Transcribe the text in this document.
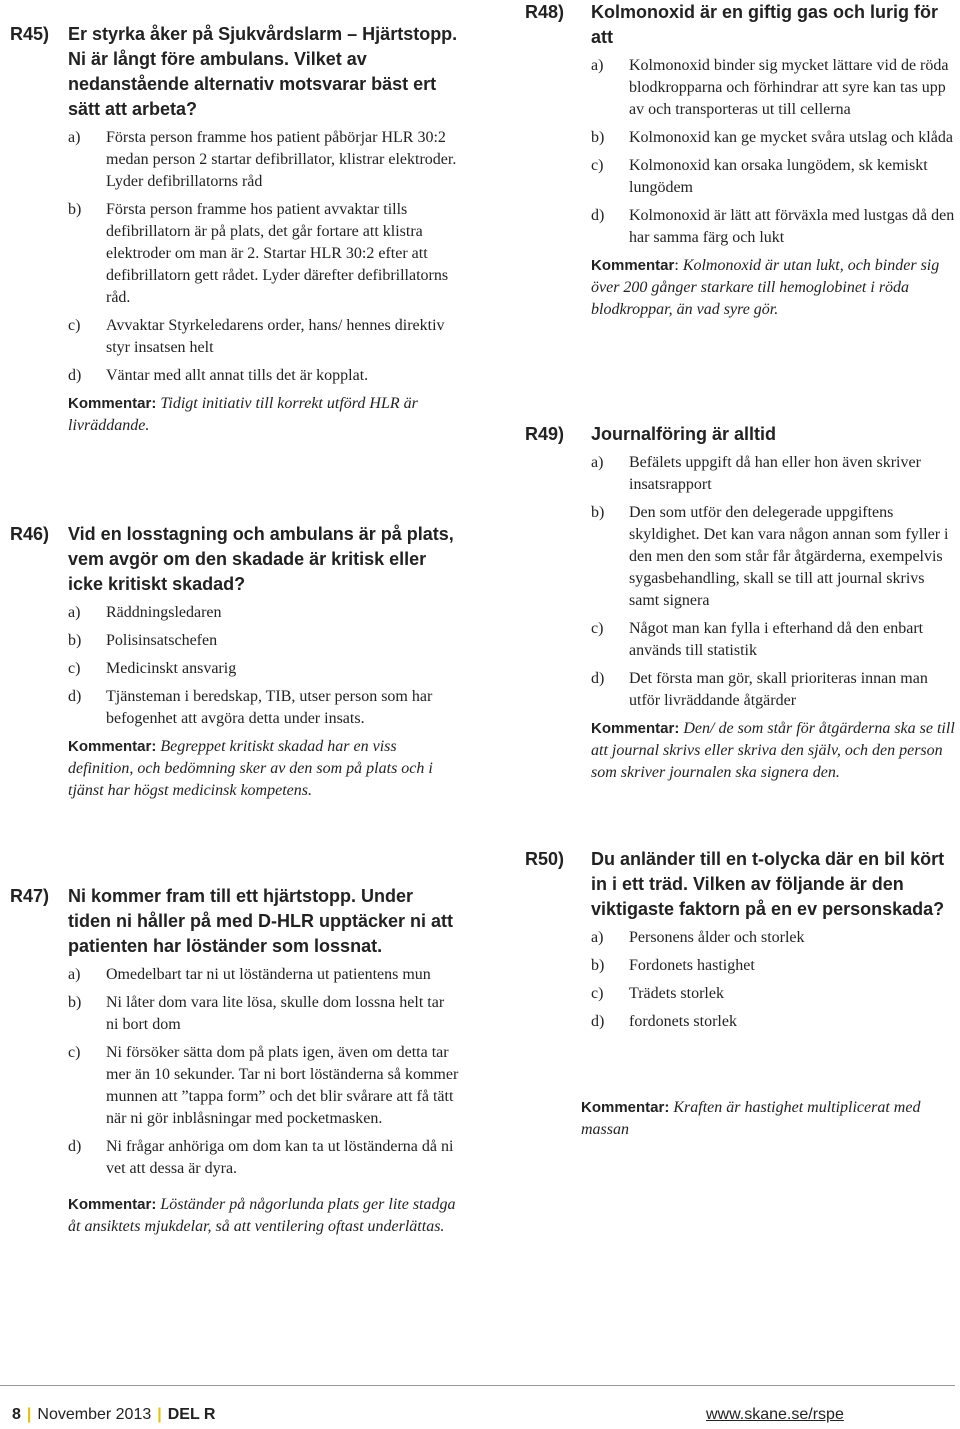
R45) Er styrka åker på Sjukvårdslarm – Hjärtstopp. Ni är långt före ambulans. Vilket av nedanstående alternativ motsvarar bäst ert sätt att arbeta?
a) Första person framme hos patient påbörjar HLR 30:2 medan person 2 startar defibrillator, klistrar elektroder. Lyder defibrillatorns råd
b) Första person framme hos patient avvaktar tills defibrillatorn är på plats, det går fortare att klistra elektroder om man är 2. Startar HLR 30:2 efter att defibrillatorn gett rådet. Lyder därefter defibrillatorns råd.
c) Avvaktar Styrkeledarens order, hans/ hennes direktiv styr insatsen helt
d) Väntar med allt annat tills det är kopplat.
Kommentar: Tidigt initiativ till korrekt utförd HLR är livräddande.
R46) Vid en losstagning och ambulans är på plats, vem avgör om den skadade är kritisk eller icke kritiskt skadad?
a) Räddningsledaren
b) Polisinsatschefen
c) Medicinskt ansvarig
d) Tjänsteman i beredskap, TIB, utser person som har befogenhet att avgöra detta under insats.
Kommentar: Begreppet kritiskt skadad har en viss definition, och bedömning sker av den som på plats och i tjänst har högst medicinsk kompetens.
R47) Ni kommer fram till ett hjärtstopp. Under tiden ni håller på med D-HLR upptäcker ni att patienten har löständer som lossnat.
a) Omedelbart tar ni ut löständerna ut patientens mun
b) Ni låter dom vara lite lösa, skulle dom lossna helt tar ni bort dom
c) Ni försöker sätta dom på plats igen, även om detta tar mer än 10 sekunder. Tar ni bort löständerna så kommer munnen att ”tappa form” och det blir svårare att få tätt när ni gör inblåsningar med pocketmasken.
d) Ni frågar anhöriga om dom kan ta ut löständerna då ni vet att dessa är dyra.
Kommentar: Löständer på någorlunda plats ger lite stadga åt ansiktets mjukdelar, så att ventilering oftast underlättas.
R48) Kolmonoxid är en giftig gas och lurig för att
a) Kolmonoxid binder sig mycket lättare vid de röda blodkropparna och förhindrar att syre kan tas upp av och transporteras ut till cellerna
b) Kolmonoxid kan ge mycket svåra utslag och klåda
c) Kolmonoxid kan orsaka lungödem, sk kemiskt lungödem
d) Kolmonoxid är lätt att förväxla med lustgas då den har samma färg och lukt
Kommentar: Kolmonoxid är utan lukt, och binder sig över 200 gånger starkare till hemoglobinet i röda blodkroppar, än vad syre gör.
R49) Journalföring är alltid
a) Befälets uppgift då han eller hon även skriver insatsrapport
b) Den som utför den delegerade uppgiftens skyldighet. Det kan vara någon annan som fyller i den men den som står får åtgärderna, exempelvis sygasbehandling, skall se till att journal skrivs samt signera
c) Något man kan fylla i efterhand då den enbart används till statistik
d) Det första man gör, skall prioriteras innan man utför livräddande åtgärder
Kommentar: Den/ de som står för åtgärderna ska se till att journal skrivs eller skriva den själv, och den person som skriver journalen ska signera den.
R50) Du anländer till en t-olycka där en bil kört in i ett träd. Vilken av följande är den viktigaste faktorn på en ev personskada?
a) Personens ålder och storlek
b) Fordonets hastighet
c) Trädets storlek
d) fordonets storlek
Kommentar: Kraften är hastighet multiplicerat med massan
8 | November 2013 | DEL R	www.skane.se/rspe
